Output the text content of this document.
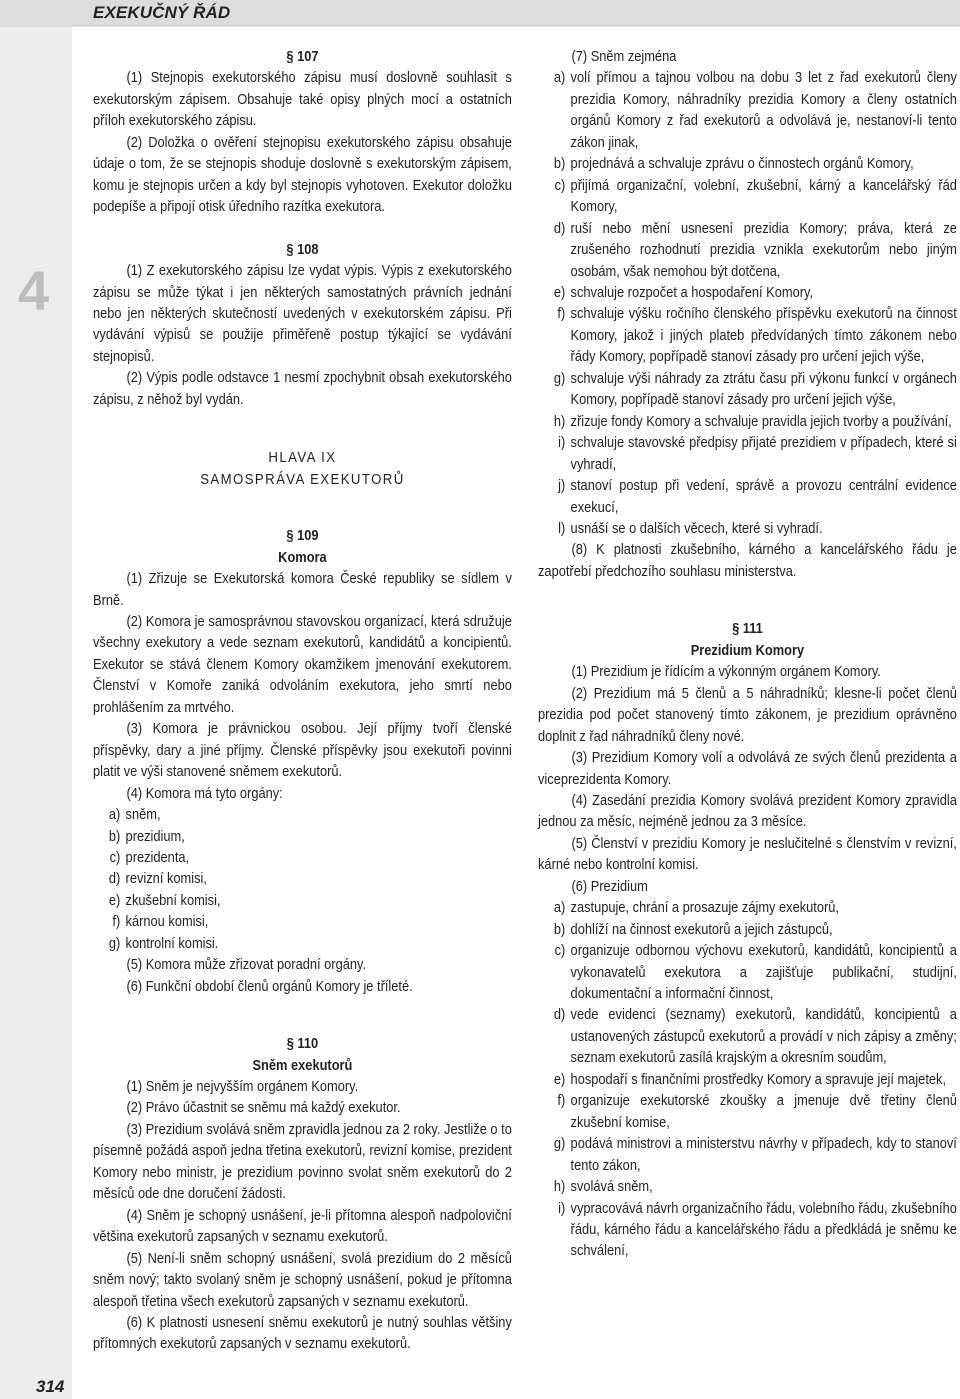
EXEKUČNÝ ŘÁD
4
314
§ 107
(1) Stejnopis exekutorského zápisu musí doslovně souhlasit s exekutorským zápisem. Obsahuje také opisy plných mocí a ostatních příloh exekutorského zápisu.
(2) Doložka o ověření stejnopisu exekutorského zápisu obsahuje údaje o tom, že se stejnopis shoduje doslovně s exekutorským zápisem, komu je stejnopis určen a kdy byl stejnopis vyhotoven. Exekutor doložku podepíše a připojí otisk úředního razítka exekutora.
§ 108
(1) Z exekutorského zápisu lze vydat výpis. Výpis z exekutorského zápisu se může týkat i jen některých samostatných právních jednání nebo jen některých skutečností uvedených v exekutorském zápisu. Při vydávání výpisů se použije přiměřeně postup týkající se vydávání stejnopisů.
(2) Výpis podle odstavce 1 nesmí zpochybnit obsah exekutorského zápisu, z něhož byl vydán.
HLAVA IX
SAMOSPRÁVA EXEKUTORŮ
§ 109
Komora
(1) Zřizuje se Exekutorská komora České republiky se sídlem v Brně.
(2) Komora je samosprávnou stavovskou organizací, která sdružuje všechny exekutory a vede seznam exekutorů, kandidátů a koncipientů. Exekutor se stává členem Komory okamžikem jmenování exekutorem. Členství v Komoře zaniká odvoláním exekutora, jeho smrtí nebo prohlášením za mrtvého.
(3) Komora je právnickou osobou. Její příjmy tvoří členské příspěvky, dary a jiné příjmy. Členské příspěvky jsou exekutoři povinni platit ve výši stanovené sněmem exekutorů.
(4) Komora má tyto orgány:
a) sněm,
b) prezidium,
c) prezidenta,
d) revizní komisi,
e) zkušební komisi,
f) kárnou komisi,
g) kontrolní komisi.
(5) Komora může zřizovat poradní orgány.
(6) Funkční období členů orgánů Komory je tříleté.
§ 110
Sněm exekutorů
(1) Sněm je nejvyšším orgánem Komory.
(2) Právo účastnit se sněmu má každý exekutor.
(3) Prezidium svolává sněm zpravidla jednou za 2 roky. Jestliže o to písemně požádá aspoň jedna třetina exekutorů, revizní komise, prezident Komory nebo ministr, je prezidium povinno svolat sněm exekutorů do 2 měsíců ode dne doručení žádosti.
(4) Sněm je schopný usnášení, je-li přítomna alespoň nadpoloviční většina exekutorů zapsaných v seznamu exekutorů.
(5) Není-li sněm schopný usnášení, svolá prezidium do 2 měsíců sněm nový; takto svolaný sněm je schopný usnášení, pokud je přítomna alespoň třetina všech exekutorů zapsaných v seznamu exekutorů.
(6) K platnosti usnesení sněmu exekutorů je nutný souhlas většiny přítomných exekutorů zapsaných v seznamu exekutorů.
(7) Sněm zejména
a) volí přímou a tajnou volbou na dobu 3 let z řad exekutorů členy prezidia Komory, náhradníky prezidia Komory a členy ostatních orgánů Komory z řad exekutorů a odvolává je, nestanoví-li tento zákon jinak,
b) projednává a schvaluje zprávu o činnostech orgánů Komory,
c) přijímá organizační, volební, zkušební, kárný a kancelářský řád Komory,
d) ruší nebo mění usnesení prezidia Komory; práva, která ze zrušeného rozhodnutí prezidia vznikla exekutorům nebo jiným osobám, však nemohou být dotčena,
e) schvaluje rozpočet a hospodaření Komory,
f) schvaluje výšku ročního členského příspěvku exekutorů na činnost Komory, jakož i jiných plateb předvídaných tímto zákonem nebo řády Komory, popřípadě stanoví zásady pro určení jejich výše,
g) schvaluje výši náhrady za ztrátu času při výkonu funkcí v orgánech Komory, popřípadě stanoví zásady pro určení jejich výše,
h) zřizuje fondy Komory a schvaluje pravidla jejich tvorby a používání,
i) schvaluje stavovské předpisy přijaté prezidiem v případech, které si vyhradí,
j) stanoví postup při vedení, správě a provozu centrální evidence exekucí,
l) usnáší se o dalších věcech, které si vyhradí.
(8) K platnosti zkušebního, kárného a kancelářského řádu je zapotřebí předchozího souhlasu ministerstva.
§ 111
Prezidium Komory
(1) Prezidium je řídícím a výkonným orgánem Komory.
(2) Prezidium má 5 členů a 5 náhradníků; klesne-li počet členů prezidia pod počet stanovený tímto zákonem, je prezidium oprávněno doplnit z řad náhradníků členy nové.
(3) Prezidium Komory volí a odvolává ze svých členů prezidenta a viceprezidenta Komory.
(4) Zasedání prezidia Komory svolává prezident Komory zpravidla jednou za měsíc, nejméně jednou za 3 měsíce.
(5) Členství v prezidiu Komory je neslučitelné s členstvím v revizní, kárné nebo kontrolní komisi.
(6) Prezidium
a) zastupuje, chrání a prosazuje zájmy exekutorů,
b) dohlíží na činnost exekutorů a jejich zástupců,
c) organizuje odbornou výchovu exekutorů, kandidátů, koncipientů a vykonavatelů exekutora a zajišťuje publikační, studijní, dokumentační a informační činnost,
d) vede evidenci (seznamy) exekutorů, kandidátů, koncipientů a ustanovených zástupců exekutorů a provádí v nich zápisy a změny; seznam exekutorů zasílá krajským a okresním soudům,
e) hospodaří s finančními prostředky Komory a spravuje její majetek,
f) organizuje exekutorské zkoušky a jmenuje dvě třetiny členů zkušební komise,
g) podává ministrovi a ministerstvu návrhy v případech, kdy to stanoví tento zákon,
h) svolává sněm,
i) vypracovává návrh organizačního řádu, volebního řádu, zkušebního řádu, kárného řádu a kancelářského řádu a předkládá je sněmu ke schválení,
